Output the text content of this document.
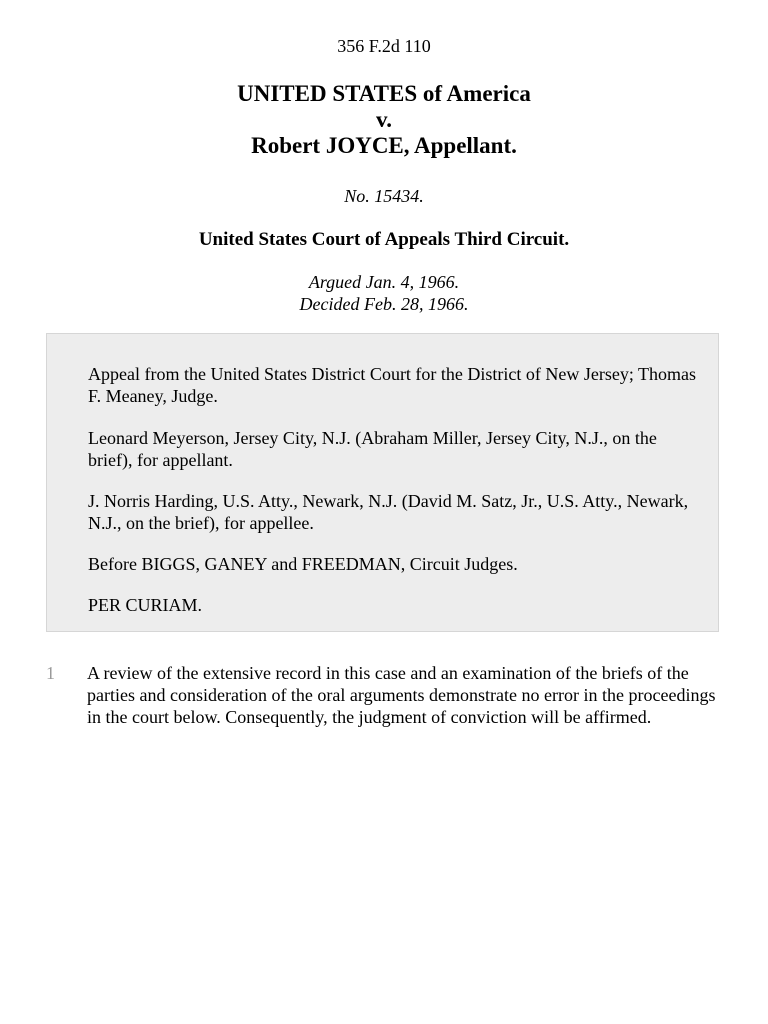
356 F.2d 110
UNITED STATES of America
v.
Robert JOYCE, Appellant.
No. 15434.
United States Court of Appeals Third Circuit.
Argued Jan. 4, 1966.
Decided Feb. 28, 1966.

Appeal from the United States District Court for the District of New Jersey; Thomas F. Meaney, Judge.

Leonard Meyerson, Jersey City, N.J. (Abraham Miller, Jersey City, N.J., on the brief), for appellant.

J. Norris Harding, U.S. Atty., Newark, N.J. (David M. Satz, Jr., U.S. Atty., Newark, N.J., on the brief), for appellee.

Before BIGGS, GANEY and FREEDMAN, Circuit Judges.

PER CURIAM.

1 A review of the extensive record in this case and an examination of the briefs of the parties and consideration of the oral arguments demonstrate no error in the proceedings in the court below. Consequently, the judgment of conviction will be affirmed.
